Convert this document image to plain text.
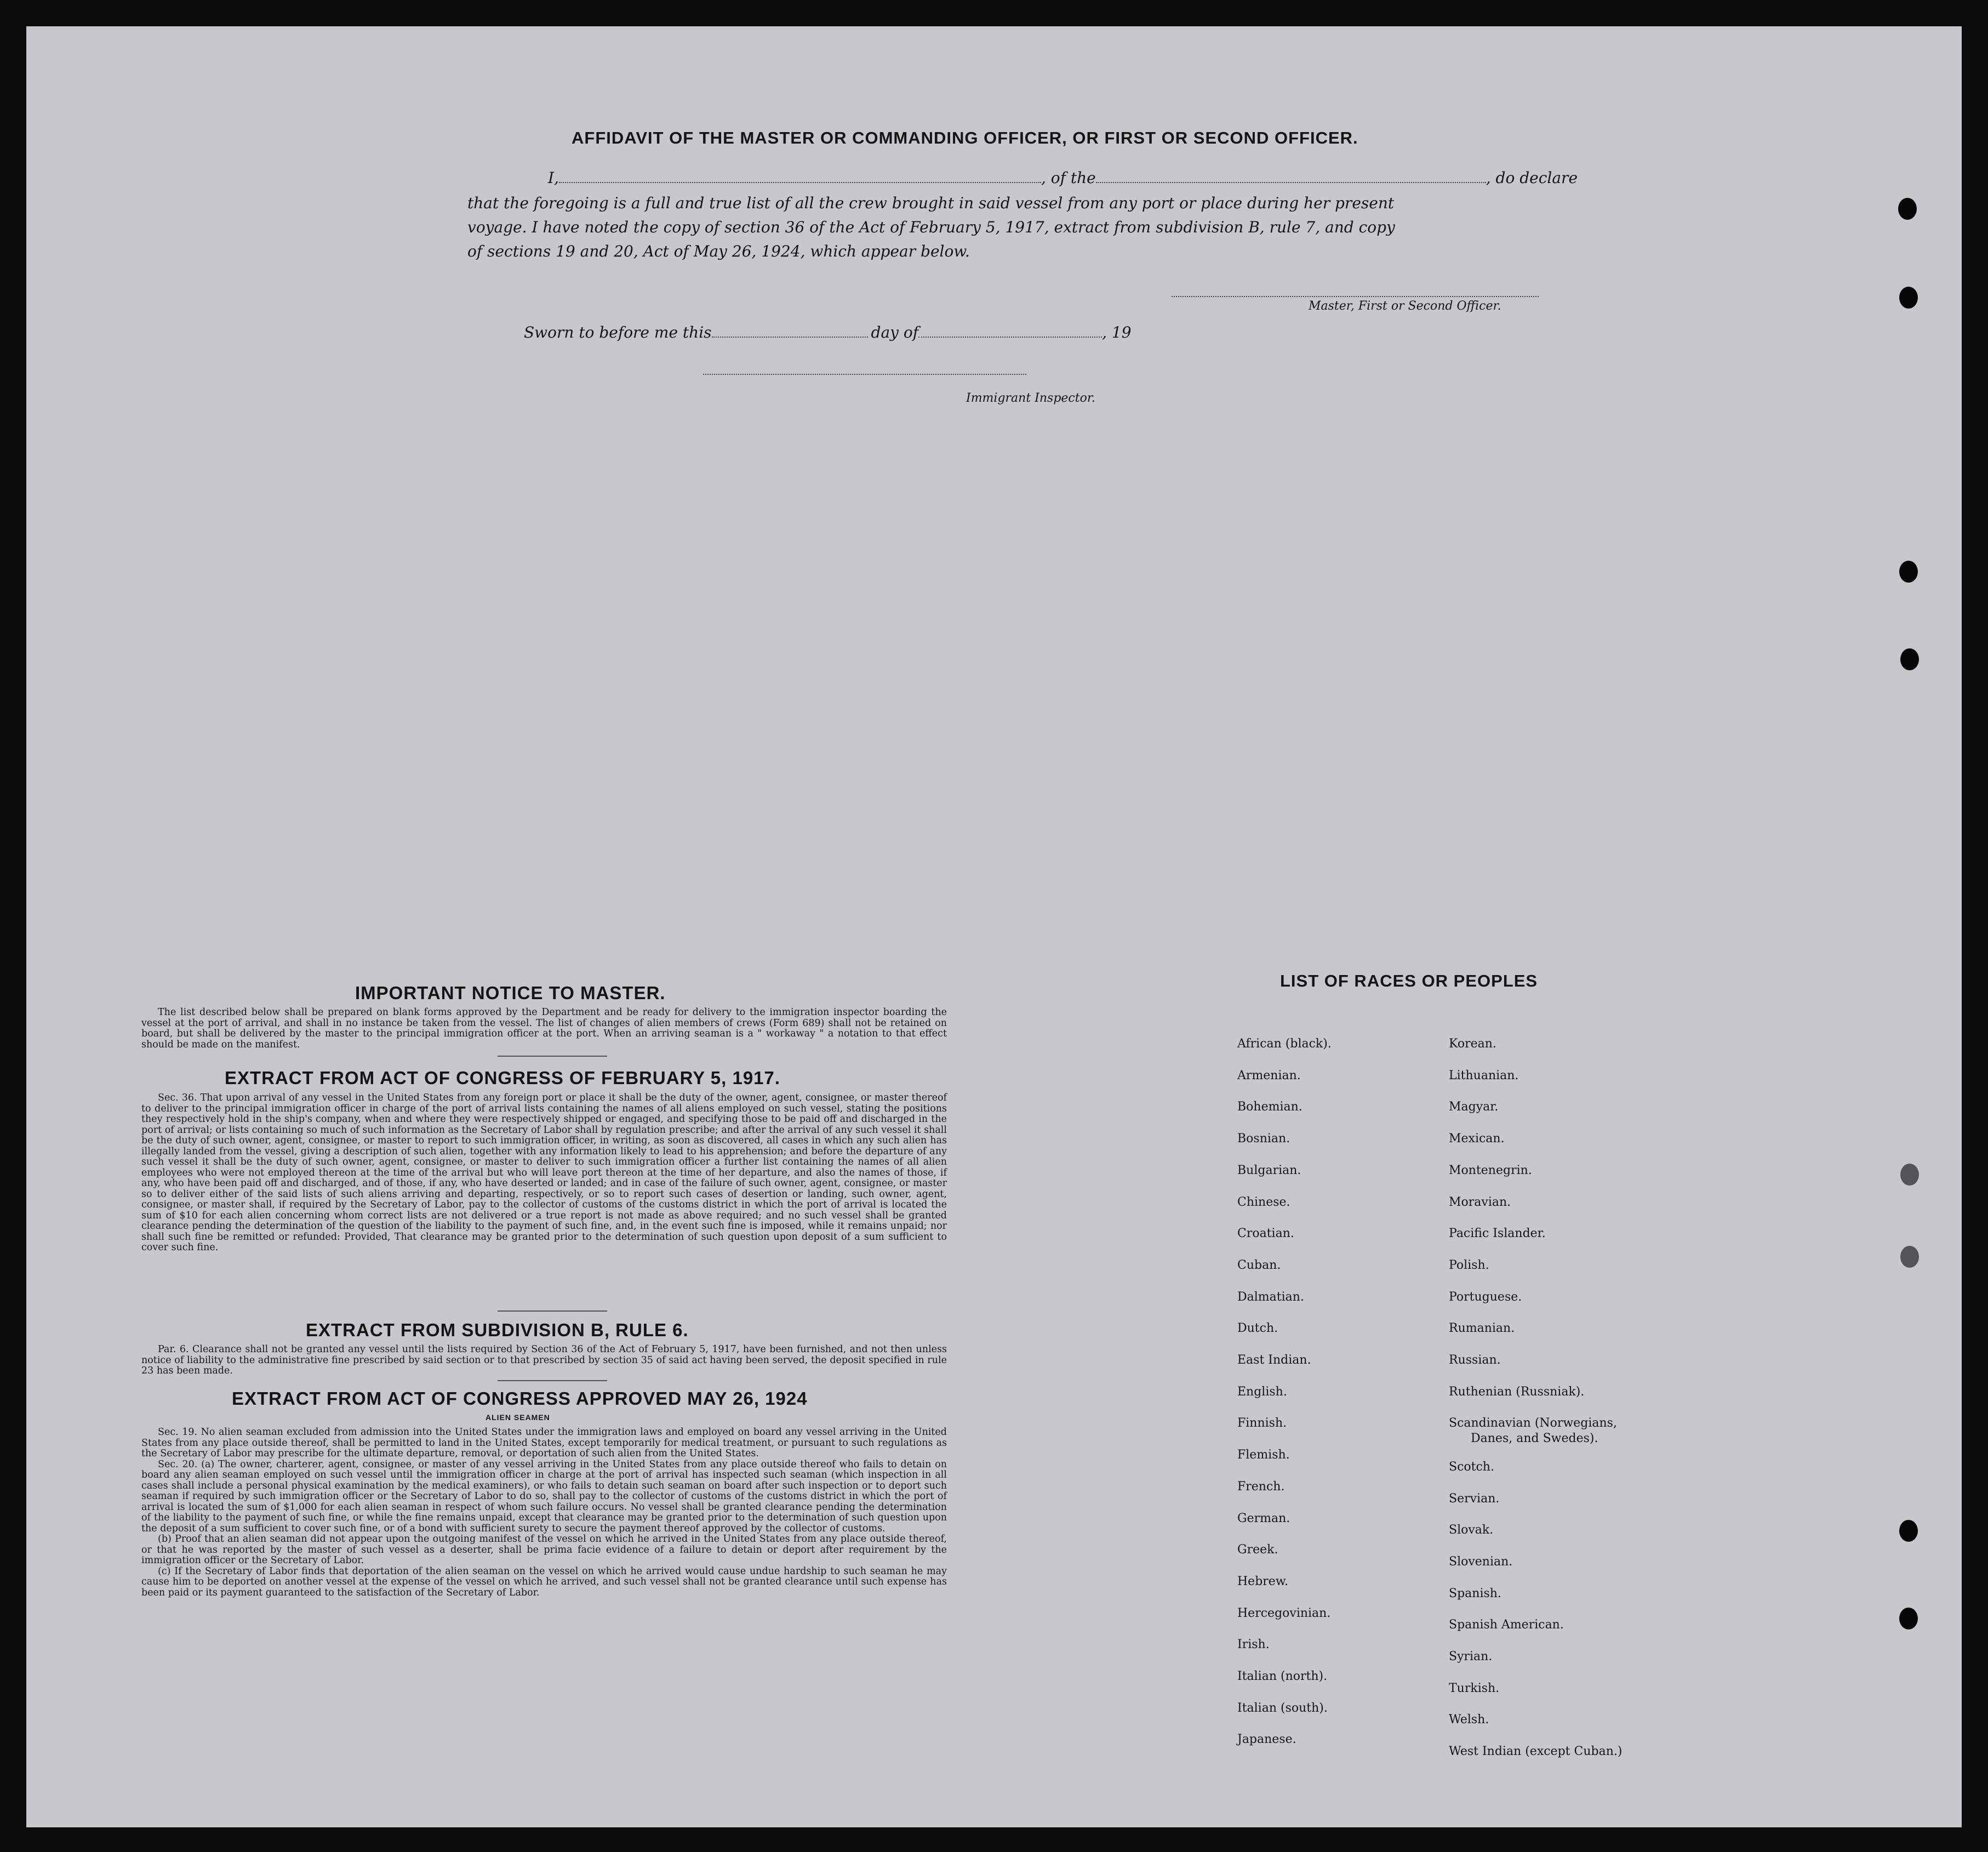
AFFIDAVIT OF THE MASTER OR COMMANDING OFFICER, OR FIRST OR SECOND OFFICER.
I,	, of the	, do declare
that the foregoing is a full and true list of all the crew brought in said vessel from any port or place during her present
voyage. I have noted the copy of section 36 of the Act of February 5, 1917, extract from subdivision B, rule 7, and copy
of sections 19 and 20, Act of May 26, 1924, which appear below.
Master, First or Second Officer.
Sworn to before me this	day of	, 19
Immigrant Inspector.
IMPORTANT NOTICE TO MASTER.

The list described below shall be prepared on blank forms approved by the Department and be ready for delivery to the immigration inspector boarding the vessel at the port of arrival, and shall in no instance be taken from the vessel. The list of changes of alien members of crews (Form 689) shall not be retained on board, but shall be delivered by the master to the principal immigration officer at the port. When an arriving seaman is a " workaway " a notation to that effect should be made on the manifest.

EXTRACT FROM ACT OF CONGRESS OF FEBRUARY 5, 1917.

Sec. 36. That upon arrival of any vessel in the United States from any foreign port or place it shall be the duty of the owner, agent, consignee, or master thereof to deliver to the principal immigration officer in charge of the port of arrival lists containing the names of all aliens employed on such vessel, stating the positions they respectively hold in the ship's company, when and where they were respectively shipped or engaged, and specifying those to be paid off and discharged in the port of arrival; or lists containing so much of such information as the Secretary of Labor shall by regulation prescribe; and after the arrival of any such vessel it shall be the duty of such owner, agent, consignee, or master to report to such immigration officer, in writing, as soon as discovered, all cases in which any such alien has illegally landed from the vessel, giving a description of such alien, together with any information likely to lead to his apprehension; and before the departure of any such vessel it shall be the duty of such owner, agent, consignee, or master to deliver to such immigration officer a further list containing the names of all alien employees who were not employed thereon at the time of the arrival but who will leave port thereon at the time of her departure, and also the names of those, if any, who have been paid off and discharged, and of those, if any, who have deserted or landed; and in case of the failure of such owner, agent, consignee, or master so to deliver either of the said lists of such aliens arriving and departing, respectively, or so to report such cases of desertion or landing, such owner, agent, consignee, or master shall, if required by the Secretary of Labor, pay to the collector of customs of the customs district in which the port of arrival is located the sum of $10 for each alien concerning whom correct lists are not delivered or a true report is not made as above required; and no such vessel shall be granted clearance pending the determination of the question of the liability to the payment of such fine, and, in the event such fine is imposed, while it remains unpaid; nor shall such fine be remitted or refunded: Provided, That clearance may be granted prior to the determination of such question upon deposit of a sum sufficient to cover such fine.

EXTRACT FROM SUBDIVISION B, RULE 6.

Par. 6. Clearance shall not be granted any vessel until the lists required by Section 36 of the Act of February 5, 1917, have been furnished, and not then unless notice of liability to the administrative fine prescribed by said section or to that prescribed by section 35 of said act having been served, the deposit specified in rule 23 has been made.

EXTRACT FROM ACT OF CONGRESS APPROVED MAY 26, 1924
ALIEN SEAMEN

Sec. 19. No alien seaman excluded from admission into the United States under the immigration laws and employed on board any vessel arriving in the United States from any place outside thereof, shall be permitted to land in the United States, except temporarily for medical treatment, or pursuant to such regulations as the Secretary of Labor may prescribe for the ultimate departure, removal, or deportation of such alien from the United States.

Sec. 20. (a) The owner, charterer, agent, consignee, or master of any vessel arriving in the United States from any place outside thereof who fails to detain on board any alien seaman employed on such vessel until the immigration officer in charge at the port of arrival has inspected such seaman (which inspection in all cases shall include a personal physical examination by the medical examiners), or who fails to detain such seaman on board after such inspection or to deport such seaman if required by such immigration officer or the Secretary of Labor to do so, shall pay to the collector of customs of the customs district in which the port of arrival is located the sum of $1,000 for each alien seaman in respect of whom such failure occurs. No vessel shall be granted clearance pending the determination of the liability to the payment of such fine, or while the fine remains unpaid, except that clearance may be granted prior to the determination of such question upon the deposit of a sum sufficient to cover such fine, or of a bond with sufficient surety to secure the payment thereof approved by the collector of customs.

(b) Proof that an alien seaman did not appear upon the outgoing manifest of the vessel on which he arrived in the United States from any place outside thereof, or that he was reported by the master of such vessel as a deserter, shall be prima facie evidence of a failure to detain or deport after requirement by the immigration officer or the Secretary of Labor.

(c) If the Secretary of Labor finds that deportation of the alien seaman on the vessel on which he arrived would cause undue hardship to such seaman he may cause him to be deported on another vessel at the expense of the vessel on which he arrived, and such vessel shall not be granted clearance until such expense has been paid or its payment guaranteed to the satisfaction of the Secretary of Labor.

LIST OF RACES OR PEOPLES
African (black).
Armenian.
Bohemian.
Bosnian.
Bulgarian.
Chinese.
Croatian.
Cuban.
Dalmatian.
Dutch.
East Indian.
English.
Finnish.
Flemish.
French.
German.
Greek.
Hebrew.
Hercegovinian.
Irish.
Italian (north).
Italian (south).
Japanese.
Korean.
Lithuanian.
Magyar.
Mexican.
Montenegrin.
Moravian.
Pacific Islander.
Polish.
Portuguese.
Rumanian.
Russian.
Ruthenian (Russniak).
Scandinavian (Norwegians,
Danes, and Swedes).
Scotch.
Servian.
Slovak.
Slovenian.
Spanish.
Spanish American.
Syrian.
Turkish.
Welsh.
West Indian (except Cuban.)
